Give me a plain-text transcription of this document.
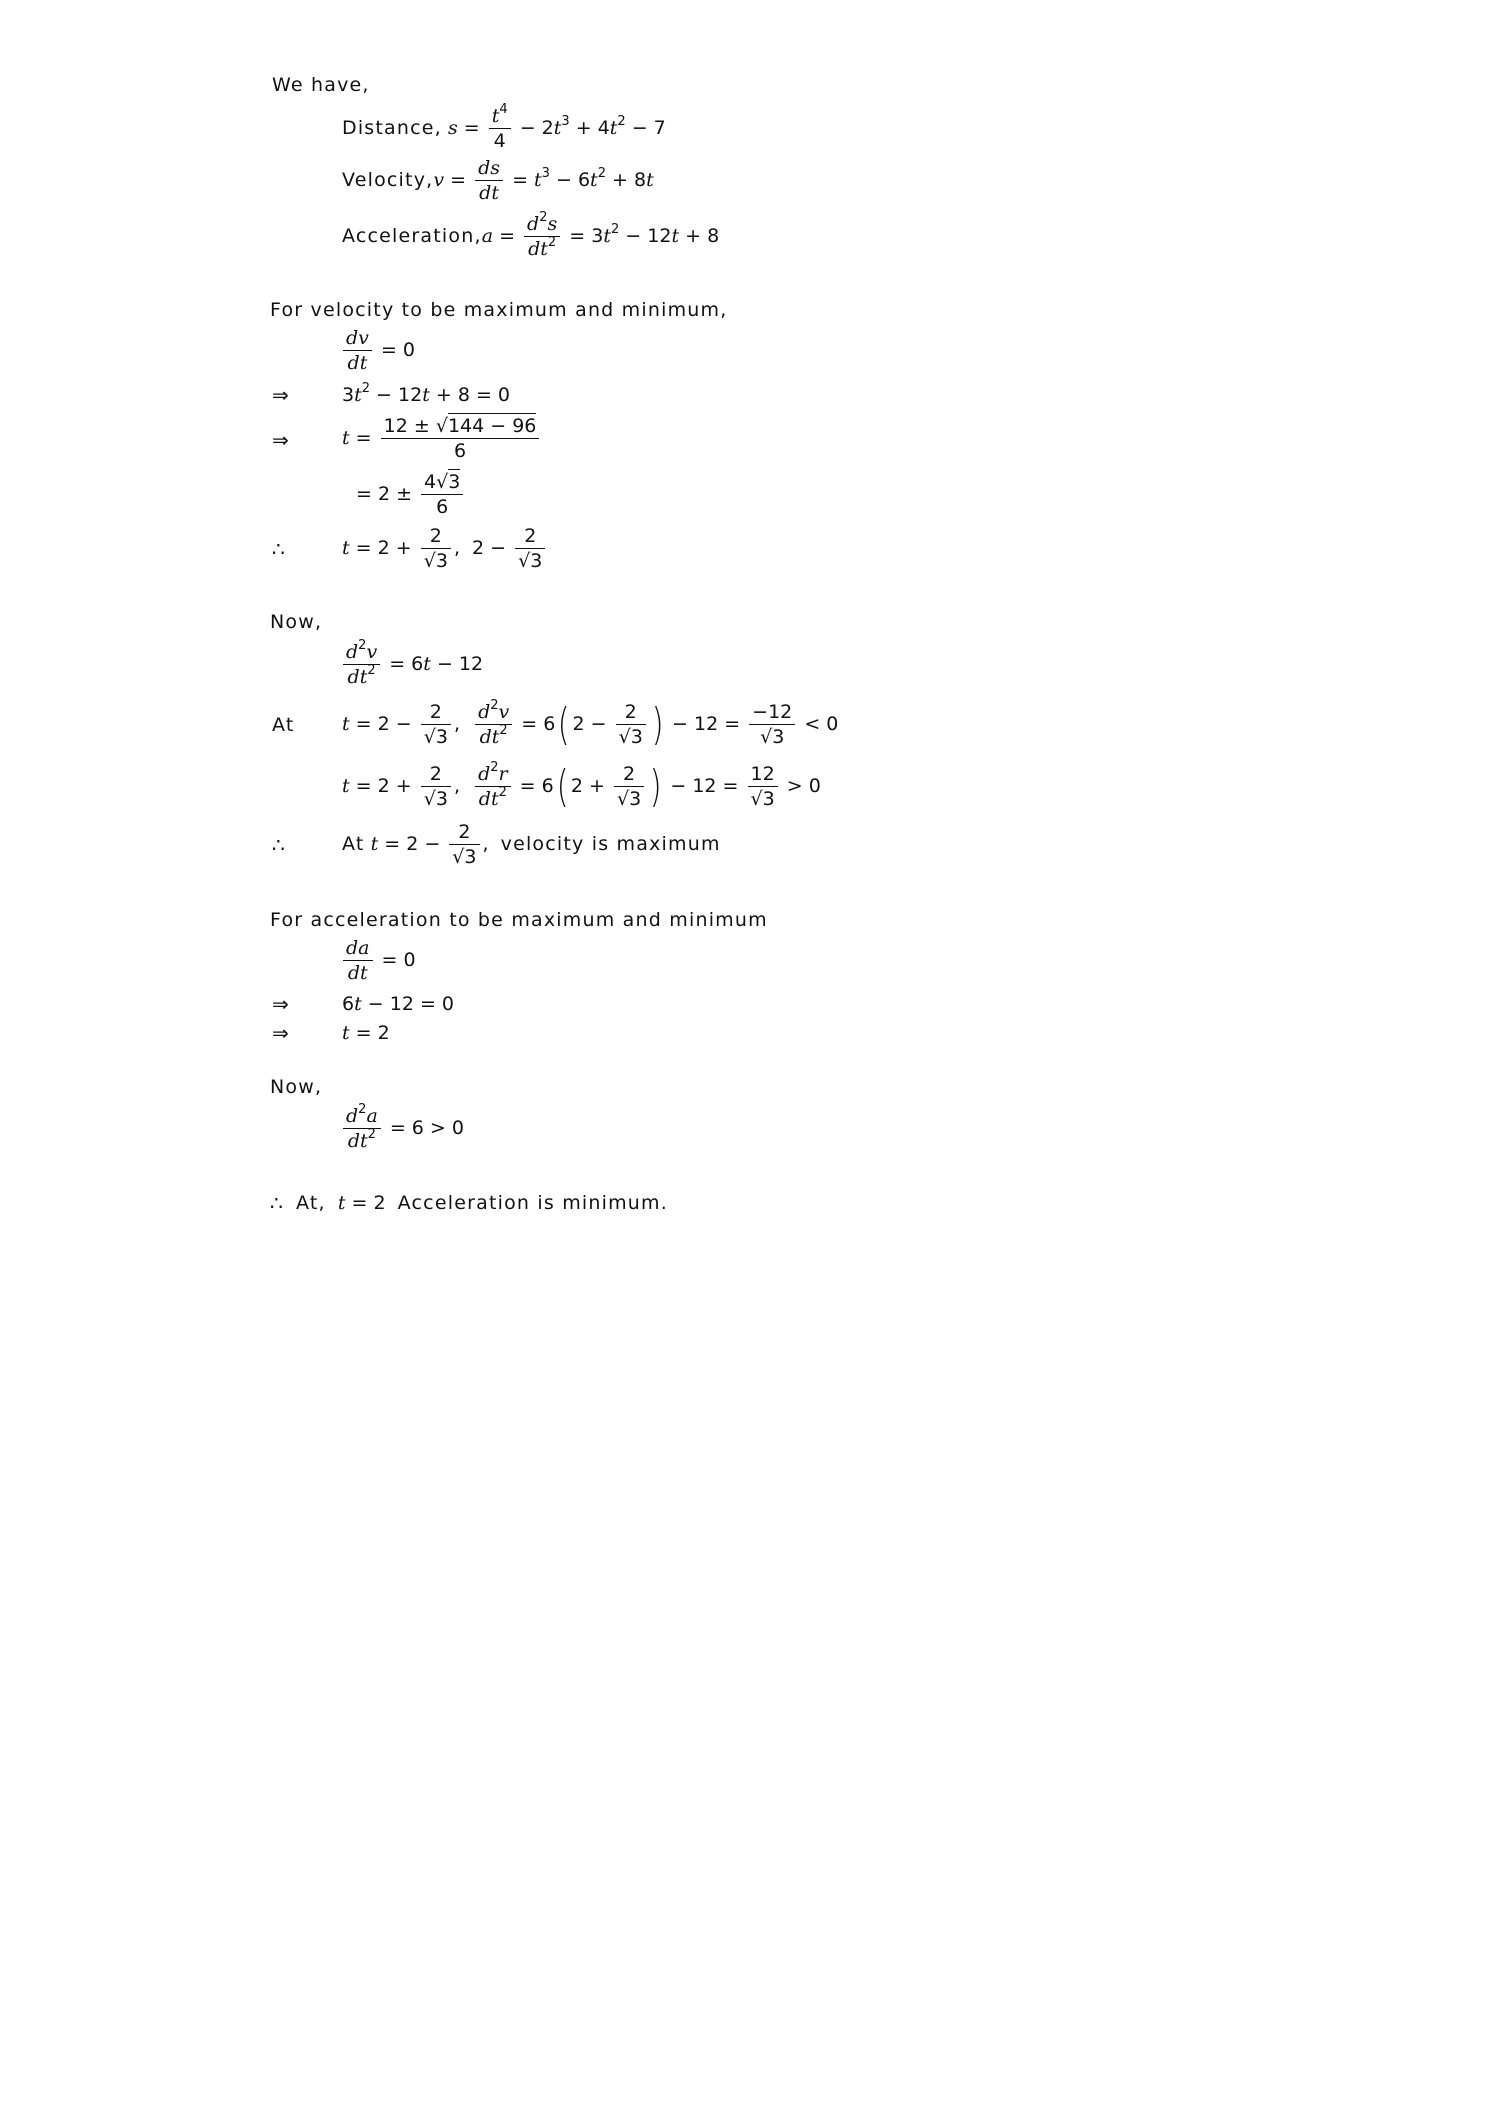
We have,
Distance, $s = \frac{t^4}{4} - 2t^3 + 4t^2 - 7$
Velocity,v = $\frac{ds}{dt} = t^3 - 6t^2 + 8t$
Acceleration,a = $\frac{d^2s}{dt^2} = 3t^2 - 12t + 8$
For velocity to be maximum and minimum,
$\frac{dv}{dt} = 0$
⇒	$3t^2 - 12t + 8 = 0$
⇒	$t = \frac{12 \pm √144 - 96}{6}$
= $2 \pm \frac{4√3}{6}$
∴	$t = 2 + \frac{2}{√3}$ ,  $2 - \frac{2}{√3}$
Now,
$\frac{d^2v}{dt^2} = 6t - 12$
At $t = 2 - \frac{2}{√3}$ , $\frac{d^2v}{dt^2} = 6$( $2 - \frac{2}{√3}$ ) − $12 = \frac{-12}{√3} < 0$
$t = 2 + \frac{2}{√3}$ , $\frac{d^2r}{dt^2} = 6$( $2 + \frac{2}{√3}$ ) − $12 = \frac{12}{√3} > 0$
∴	At $t = 2 - \frac{2}{√3}$ ,  velocity is maximum
For acceleration to be maximum and minimum
$\frac{da}{dt} = 0$
⇒	6t − 12 = 0
⇒	t = 2
Now,
$\frac{d^2a}{dt^2} = 6 > 0$
∴ At, t = 2  Acceleration is minimum.
